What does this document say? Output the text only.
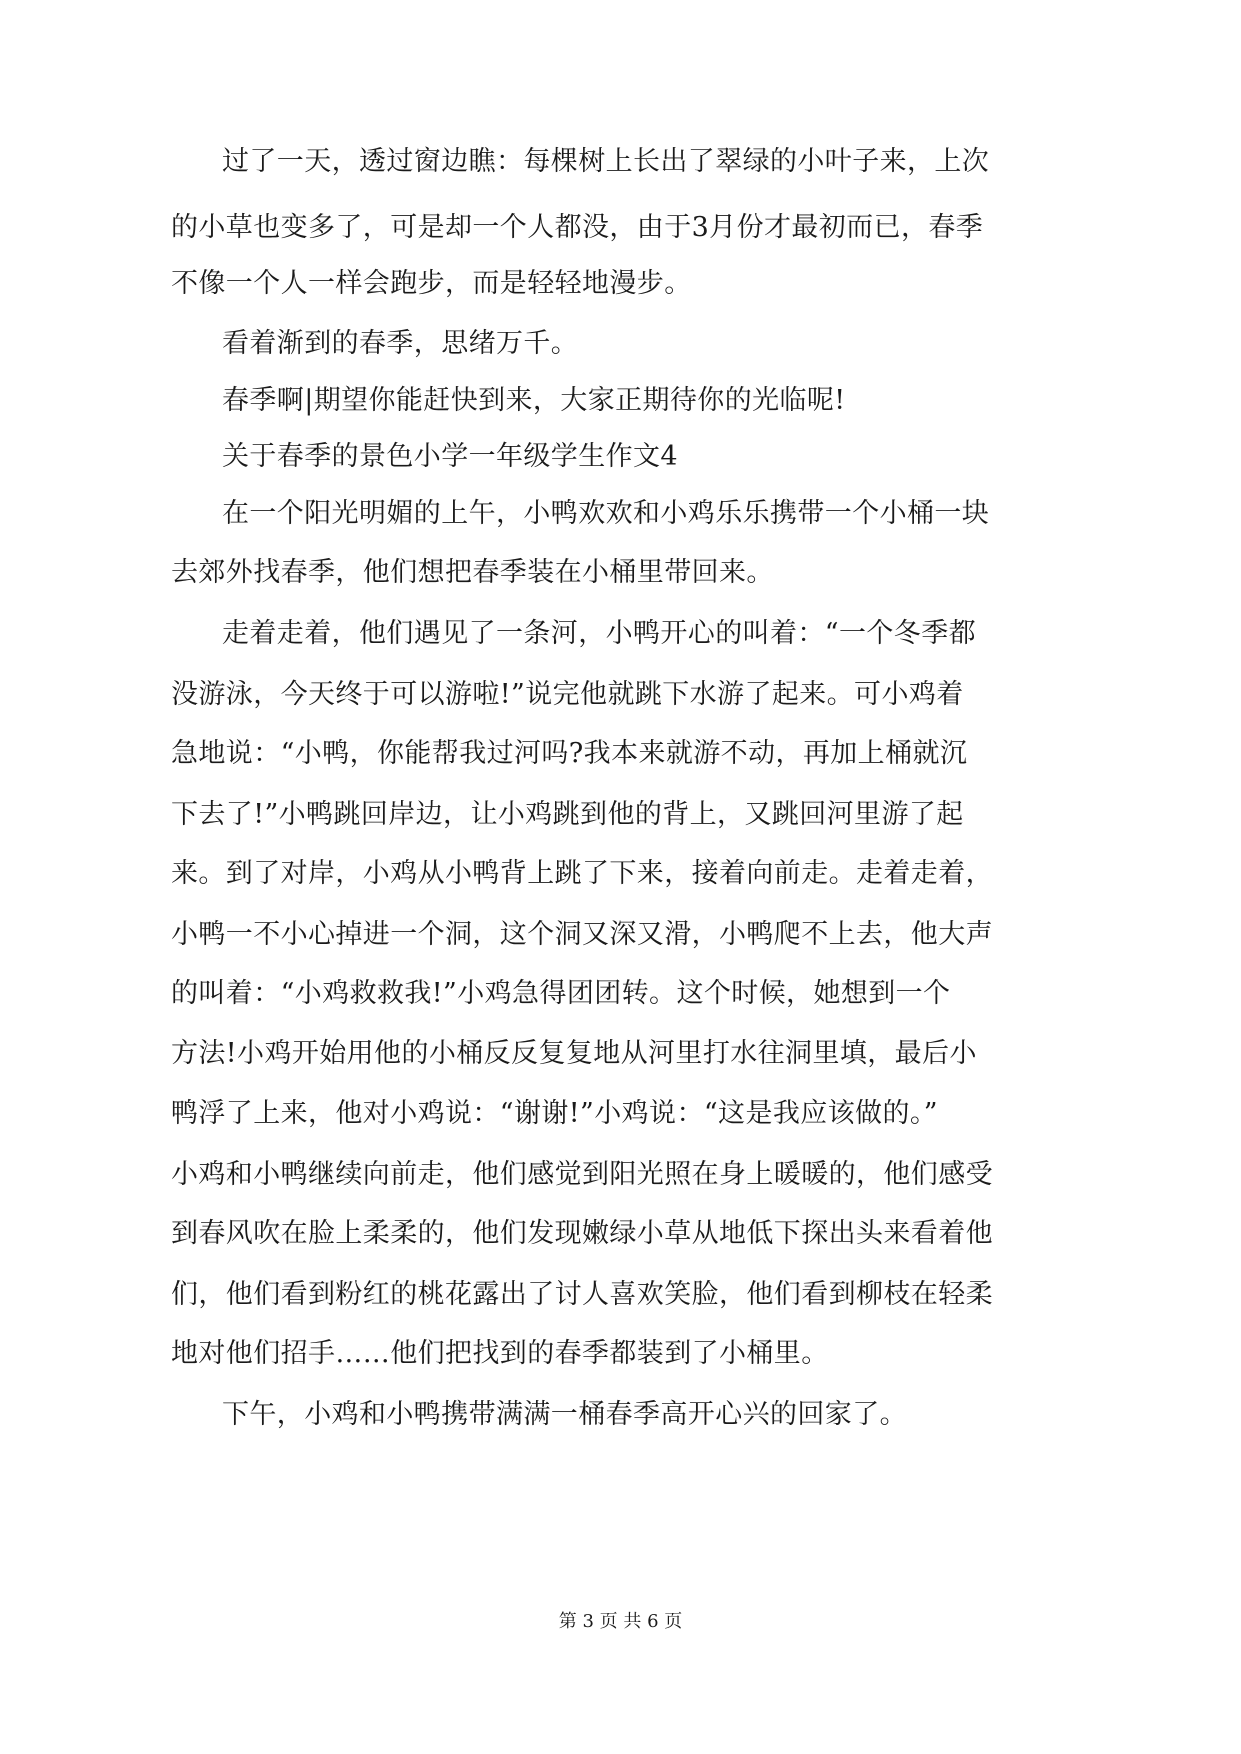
过了一天，透过窗边瞧：每棵树上长出了翠绿的小叶子来，上次
的小草也变多了，可是却一个人都没，由于3月份才最初而已，春季
不像一个人一样会跑步，而是轻轻地漫步。
看着渐到的春季，思绪万千。
春季啊|期望你能赶快到来，大家正期待你的光临呢!
关于春季的景色小学一年级学生作文4
在一个阳光明媚的上午，小鸭欢欢和小鸡乐乐携带一个小桶一块
去郊外找春季，他们想把春季装在小桶里带回来。
走着走着，他们遇见了一条河，小鸭开心的叫着：“一个冬季都
没游泳，今天终于可以游啦!”说完他就跳下水游了起来。可小鸡着
急地说：“小鸭，你能帮我过河吗?我本来就游不动，再加上桶就沉
下去了!”小鸭跳回岸边，让小鸡跳到他的背上，又跳回河里游了起
来。到了对岸，小鸡从小鸭背上跳了下来，接着向前走。走着走着，
小鸭一不小心掉进一个洞，这个洞又深又滑，小鸭爬不上去，他大声
的叫着：“小鸡救救我!”小鸡急得团团转。这个时候，她想到一个
方法!小鸡开始用他的小桶反反复复地从河里打水往洞里填，最后小
鸭浮了上来，他对小鸡说：“谢谢!”小鸡说：“这是我应该做的。”
小鸡和小鸭继续向前走，他们感觉到阳光照在身上暖暖的，他们感受
到春风吹在脸上柔柔的，他们发现嫩绿小草从地低下探出头来看着他
们，他们看到粉红的桃花露出了讨人喜欢笑脸，他们看到柳枝在轻柔
地对他们招手……他们把找到的春季都装到了小桶里。
下午，小鸡和小鸭携带满满一桶春季高开心兴的回家了。
第 3 页 共 6 页
